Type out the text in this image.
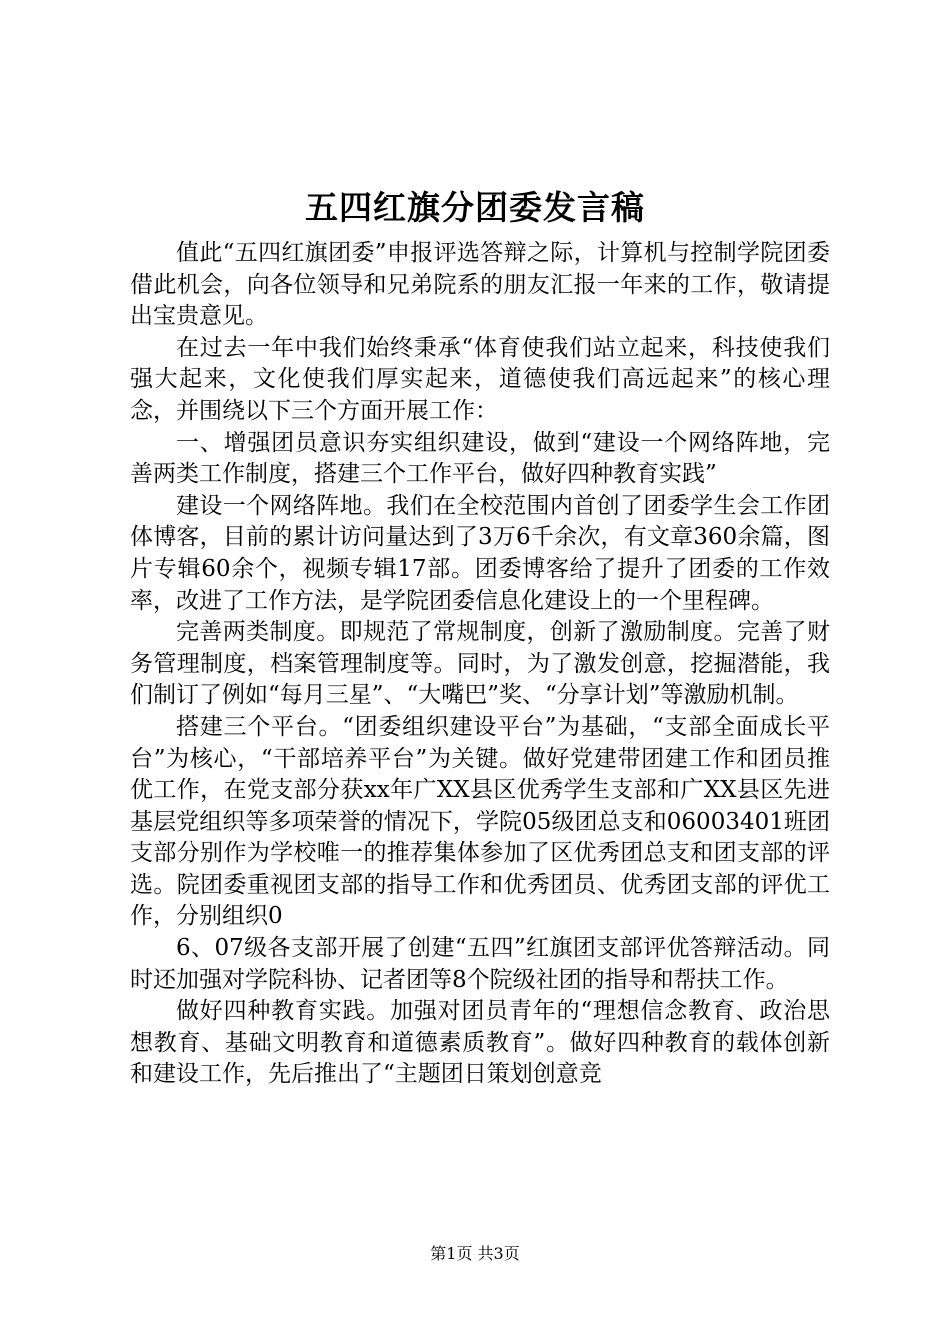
五四红旗分团委发言稿

值此“五四红旗团委”申报评选答辩之际，计算机与控制学院团委借此机会，向各位领导和兄弟院系的朋友汇报一年来的工作，敬请提出宝贵意见。

在过去一年中我们始终秉承“体育使我们站立起来，科技使我们强大起来，文化使我们厚实起来，道德使我们高远起来”的核心理念，并围绕以下三个方面开展工作：

一、增强团员意识夯实组织建设，做到“建设一个网络阵地，完善两类工作制度，搭建三个工作平台，做好四种教育实践”

建设一个网络阵地。我们在全校范围内首创了团委学生会工作团体博客，目前的累计访问量达到了3万6千余次，有文章360余篇，图片专辑60余个，视频专辑17部。团委博客给了提升了团委的工作效率，改进了工作方法，是学院团委信息化建设上的一个里程碑。

完善两类制度。即规范了常规制度，创新了激励制度。完善了财务管理制度，档案管理制度等。同时，为了激发创意，挖掘潜能，我们制订了例如“每月三星”、“大嘴巴”奖、“分享计划”等激励机制。

搭建三个平台。“团委组织建设平台”为基础，“支部全面成长平台”为核心，“干部培养平台”为关键。做好党建带团建工作和团员推优工作，在党支部分获xx年广XX县区优秀学生支部和广XX县区先进基层党组织等多项荣誉的情况下，学院05级团总支和06003401班团支部分别作为学校唯一的推荐集体参加了区优秀团总支和团支部的评选。院团委重视团支部的指导工作和优秀团员、优秀团支部的评优工作，分别组织0

6、07级各支部开展了创建“五四”红旗团支部评优答辩活动。同时还加强对学院科协、记者团等8个院级社团的指导和帮扶工作。

做好四种教育实践。加强对团员青年的“理想信念教育、政治思想教育、基础文明教育和道德素质教育”。做好四种教育的载体创新和建设工作，先后推出了“主题团日策划创意竞

第1页 共3页
